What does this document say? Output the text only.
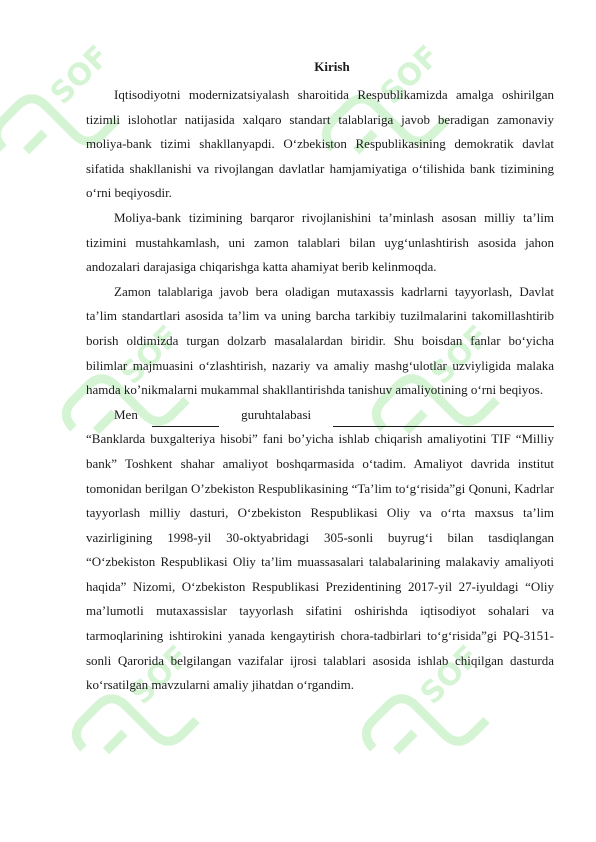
SOF	SOF
SOF	SOF
SOF	SOF
Kirish

Iqtisodiyotni modernizatsiyalash sharoitida Respublikamizda amalga oshirilgan tizimli islohotlar natijasida xalqaro standart talablariga javob beradigan zamonaviy moliya-bank tizimi shakllanyapdi. O‘zbekiston Respublikasining demokratik davlat sifatida shakllanishi va rivojlangan davlatlar hamjamiyatiga o‘tilishida bank tizimining o‘rni beqiyosdir.

Moliya-bank tizimining barqaror rivojlanishini ta’minlash asosan milliy ta’lim tizimini mustahkamlash, uni zamon talablari bilan uyg‘unlashtirish asosida jahon andozalari darajasiga chiqarishga katta ahamiyat berib kelinmoqda.

Zamon talablariga javob bera oladigan mutaxassis kadrlarni tayyorlash, Davlat ta’lim standartlari asosida ta’lim va uning barcha tarkibiy tuzilmalarini takomillashtirib borish oldimizda turgan dolzarb masalalardan biridir. Shu boisdan fanlar bo‘yicha bilimlar majmuasini o‘zlashtirish, nazariy va amaliy mashg‘ulotlar uzviyligida malaka hamda ko’nikmalarni mukammal shakllantirishda tanishuv amaliyotining o‘rni beqiyos.

Men	guruh talabasi

“Banklarda buxgalteriya hisobi” fani bo’yicha ishlab chiqarish amaliyotini TIF “Milliy bank” Toshkent shahar amaliyot boshqarmasida o‘tadim. Amaliyot davrida institut tomonidan berilgan O’zbekiston Respublikasining “Ta’lim to‘g‘risida”gi Qonuni, Kadrlar tayyorlash milliy dasturi, O‘zbekiston Respublikasi Oliy va o‘rta maxsus ta’lim vazirligining 1998-yil 30-oktyabridagi 305-sonli buyrug‘i bilan tasdiqlangan “O‘zbekiston Respublikasi Oliy ta’lim muassasalari talabalarining malakaviy amaliyoti haqida” Nizomi, O‘zbekiston Respublikasi Prezidentining 2017-yil 27-iyuldagi “Oliy ma’lumotli mutaxassislar tayyorlash sifatini oshirishda iqtisodiyot sohalari va tarmoqlarining ishtirokini yanada kengaytirish chora-tadbirlari to‘g‘risida”gi PQ-3151-sonli Qarorida belgilangan vazifalar ijrosi talablari asosida ishlab chiqilgan dasturda ko‘rsatilgan mavzularni amaliy jihatdan o‘rgandim.
